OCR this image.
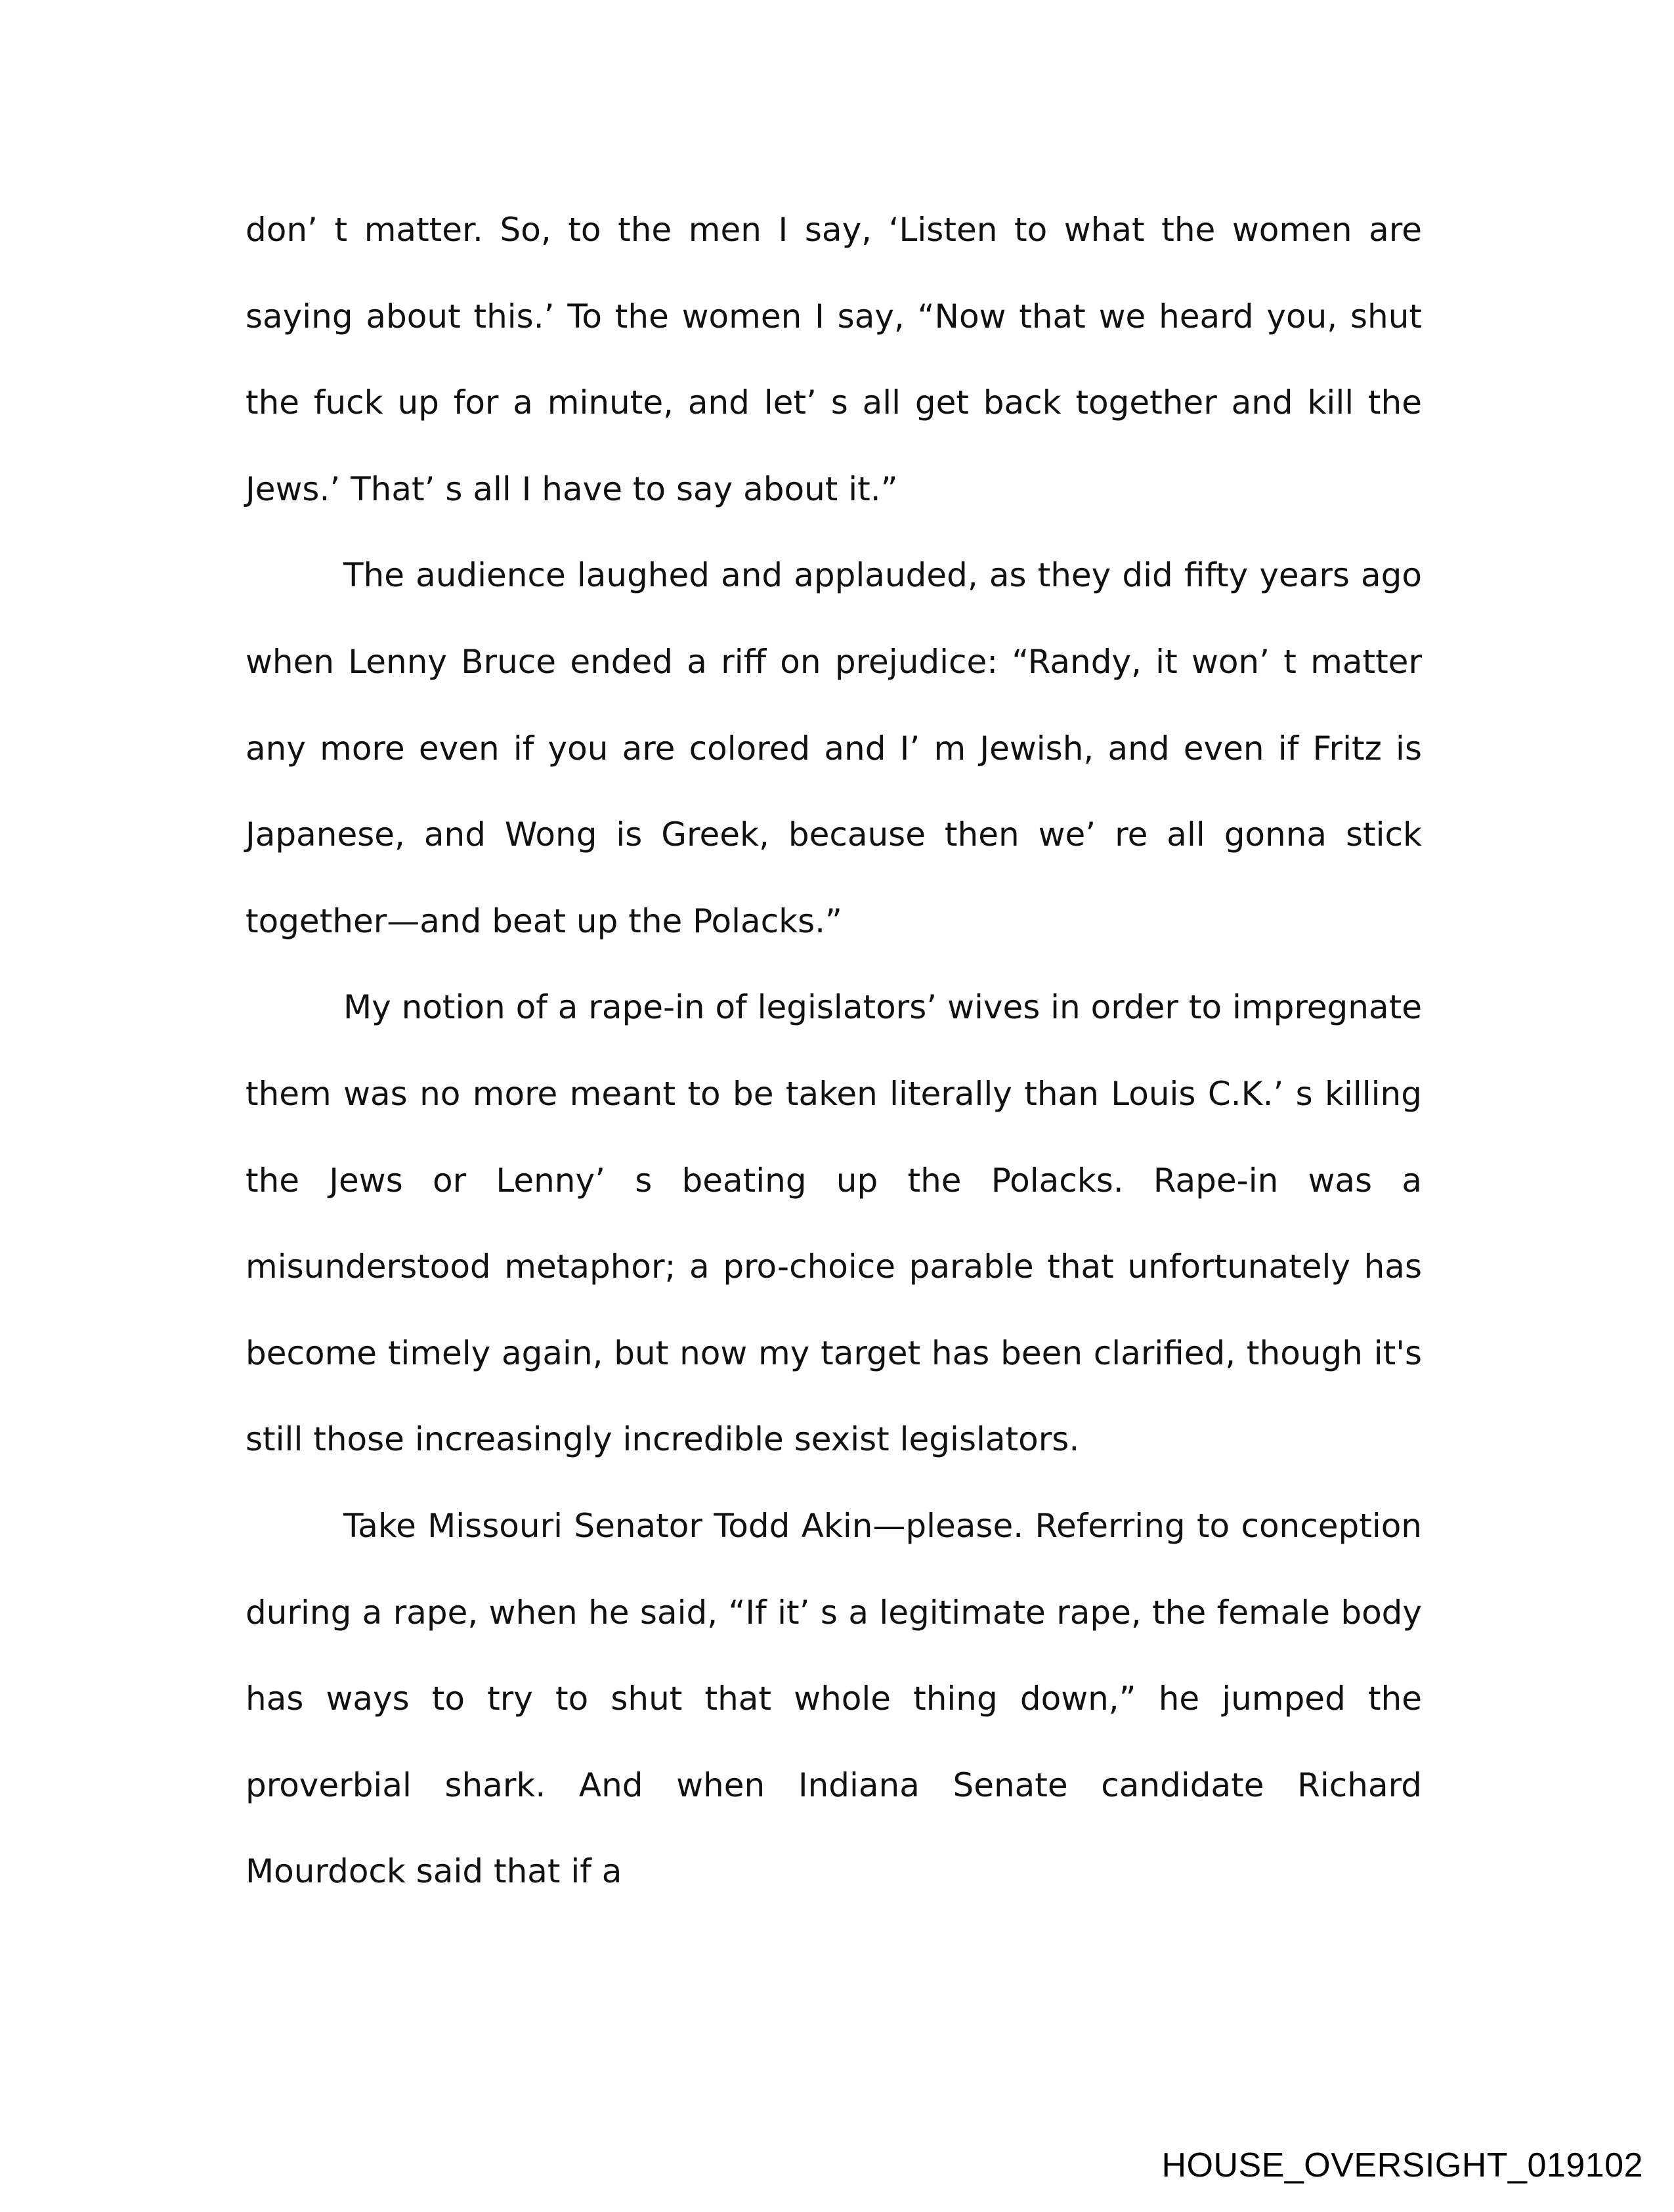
don’ t matter. So, to the men I say, ‘Listen to what the women are saying about this.’ To the women I say, “Now that we heard you, shut the fuck up for a minute, and let’ s all get back together and kill the Jews.’ That’ s all I have to say about it.”

The audience laughed and applauded, as they did fifty years ago when Lenny Bruce ended a riff on prejudice: “Randy, it won’ t matter any more even if you are colored and I’ m Jewish, and even if Fritz is Japanese, and Wong is Greek, because then we’ re all gonna stick together—and beat up the Polacks.”

My notion of a rape-in of legislators’ wives in order to impregnate them was no more meant to be taken literally than Louis C.K.’ s killing the Jews or Lenny’ s beating up the Polacks. Rape-in was a misunderstood metaphor; a pro-choice parable that unfortunately has become timely again, but now my target has been clarified, though it's still those increasingly incredible sexist legislators.

Take Missouri Senator Todd Akin—please. Referring to conception during a rape, when he said, “If it’ s a legitimate rape, the female body has ways to try to shut that whole thing down,” he jumped the proverbial shark. And when Indiana Senate candidate Richard Mourdock said that if a

HOUSE_OVERSIGHT_019102
